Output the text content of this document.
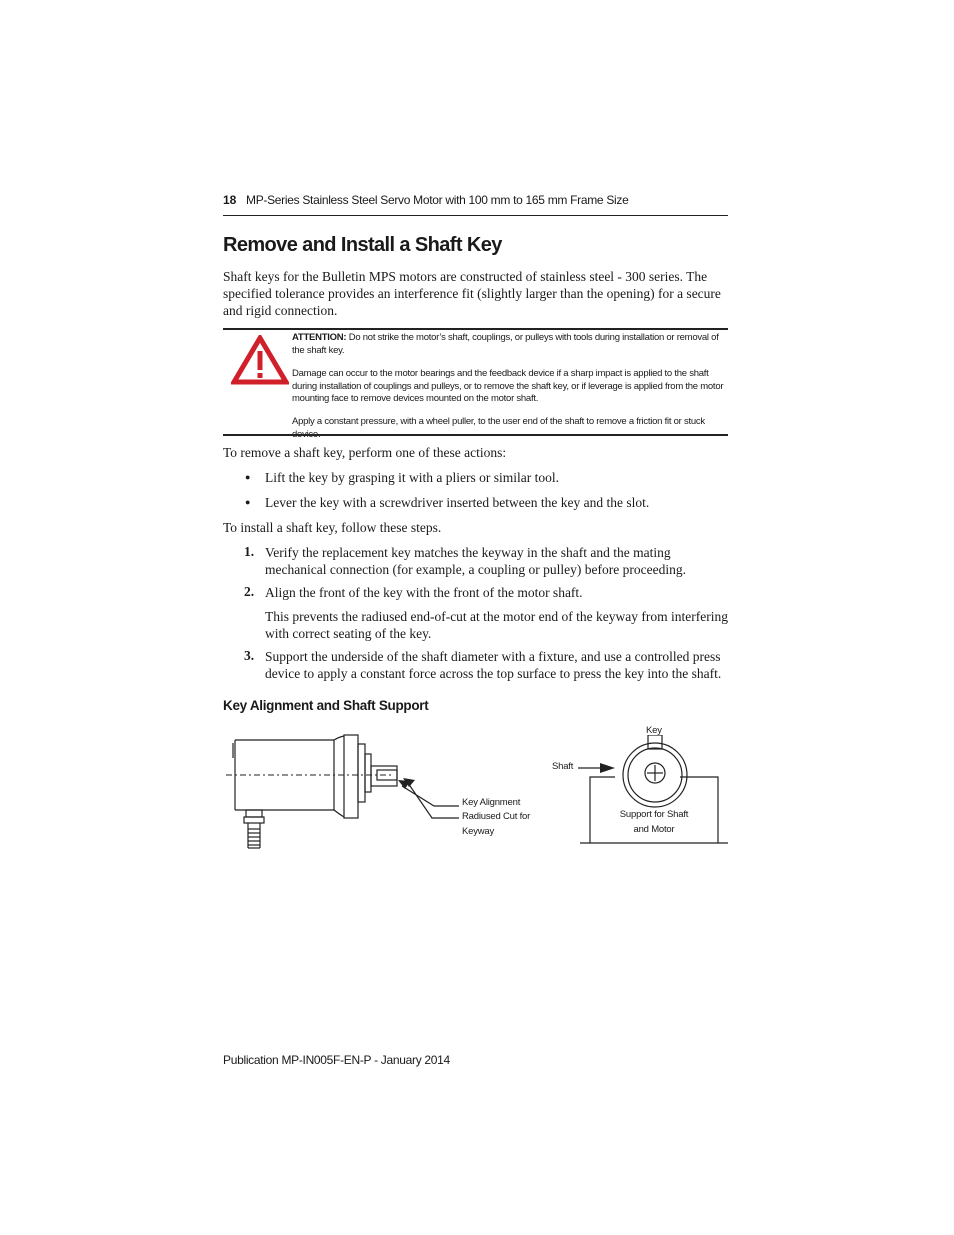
18 MP-Series Stainless Steel Servo Motor with 100 mm to 165 mm Frame Size
Remove and Install a Shaft Key
Shaft keys for the Bulletin MPS motors are constructed of stainless steel - 300 series. The specified tolerance provides an interference fit (slightly larger than the opening) for a secure and rigid connection.
ATTENTION: Do not strike the motor’s shaft, couplings, or pulleys with tools during installation or removal of the shaft key.
Damage can occur to the motor bearings and the feedback device if a sharp impact is applied to the shaft during installation of couplings and pulleys, or to remove the shaft key, or if leverage is applied from the motor mounting face to remove devices mounted on the motor shaft.
Apply a constant pressure, with a wheel puller, to the user end of the shaft to remove a friction fit or stuck device.
To remove a shaft key, perform one of these actions:
● Lift the key by grasping it with a pliers or similar tool.
● Lever the key with a screwdriver inserted between the key and the slot.
To install a shaft key, follow these steps.
1. Verify the replacement key matches the keyway in the shaft and the mating mechanical connection (for example, a coupling or pulley) before proceeding.
2. Align the front of the key with the front of the motor shaft.
This prevents the radiused end-of-cut at the motor end of the keyway from interfering with correct seating of the key.
3. Support the underside of the shaft diameter with a fixture, and use a controlled press device to apply a constant force across the top surface to press the key into the shaft.
Key Alignment and Shaft Support
Key Alignment
Radiused Cut for
Keyway
Key
Shaft
Support for Shaft
and Motor
Publication MP-IN005F-EN-P - January 2014
